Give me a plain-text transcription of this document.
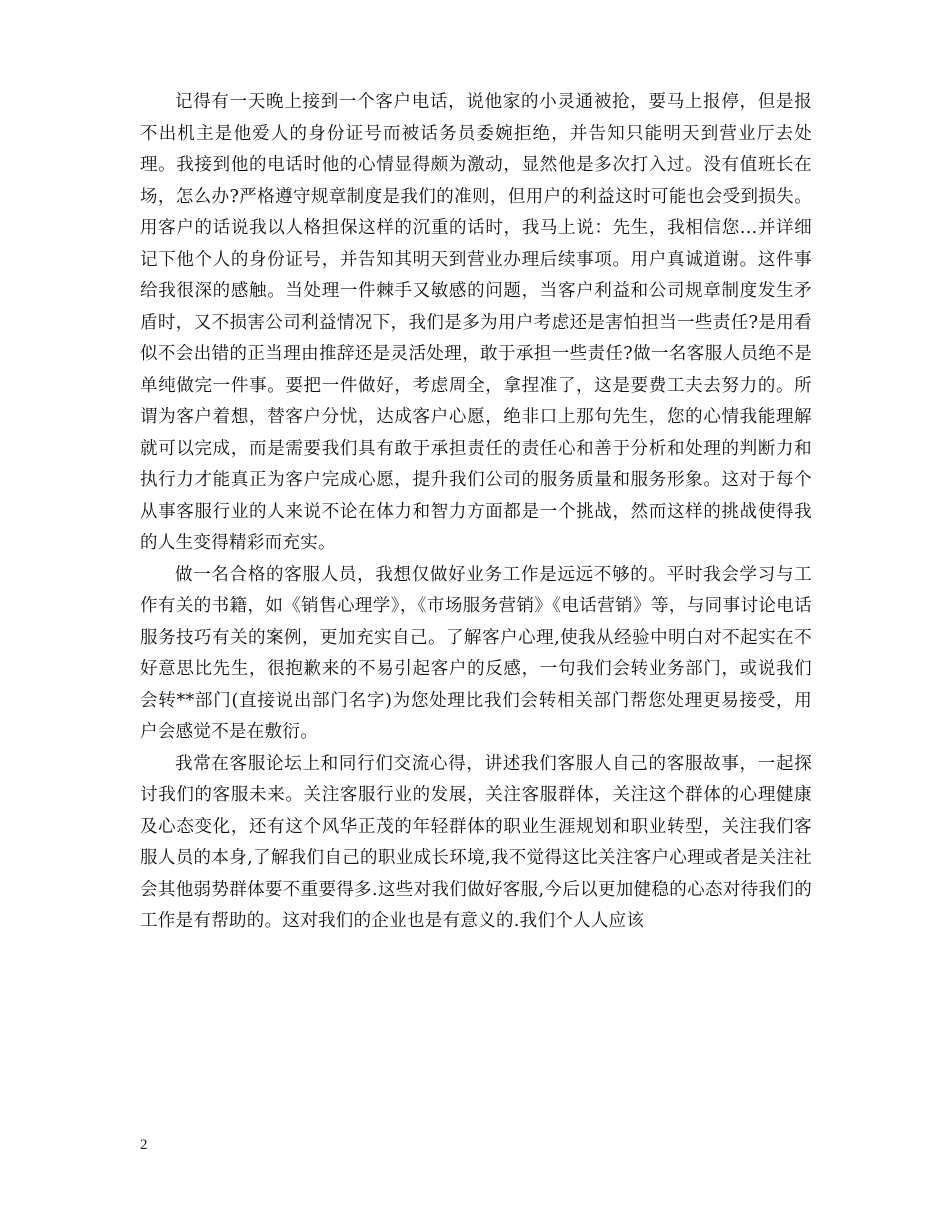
记得有一天晚上接到一个客户电话，说他家的小灵通被抢，要马上报停，但是报不出机主是他爱人的身份证号而被话务员委婉拒绝，并告知只能明天到营业厅去处理。我接到他的电话时他的心情显得颇为激动，显然他是多次打入过。没有值班长在场，怎么办?严格遵守规章制度是我们的准则，但用户的利益这时可能也会受到损失。用客户的话说我以人格担保这样的沉重的话时，我马上说：先生，我相信您...并详细记下他个人的身份证号，并告知其明天到营业办理后续事项。用户真诚道谢。这件事给我很深的感触。当处理一件棘手又敏感的问题，当客户利益和公司规章制度发生矛盾时，又不损害公司利益情况下，我们是多为用户考虑还是害怕担当一些责任?是用看似不会出错的正当理由推辞还是灵活处理，敢于承担一些责任?做一名客服人员绝不是单纯做完一件事。要把一件做好，考虑周全，拿捏准了，这是要费工夫去努力的。所谓为客户着想，替客户分忧，达成客户心愿，绝非口上那句先生，您的心情我能理解就可以完成，而是需要我们具有敢于承担责任的责任心和善于分析和处理的判断力和执行力才能真正为客户完成心愿，提升我们公司的服务质量和服务形象。这对于每个从事客服行业的人来说不论在体力和智力方面都是一个挑战，然而这样的挑战使得我的人生变得精彩而充实。

做一名合格的客服人员，我想仅做好业务工作是远远不够的。平时我会学习与工作有关的书籍，如《销售心理学》，《市场服务营销》《电话营销》等，与同事讨论电话服务技巧有关的案例，更加充实自己。了解客户心理,使我从经验中明白对不起实在不好意思比先生，很抱歉来的不易引起客户的反感，一句我们会转业务部门，或说我们会转**部门(直接说出部门名字)为您处理比我们会转相关部门帮您处理更易接受，用户会感觉不是在敷衍。

我常在客服论坛上和同行们交流心得，讲述我们客服人自己的客服故事，一起探讨我们的客服未来。关注客服行业的发展，关注客服群体，关注这个群体的心理健康及心态变化，还有这个风华正茂的年轻群体的职业生涯规划和职业转型，关注我们客服人员的本身,了解我们自己的职业成长环境,我不觉得这比关注客户心理或者是关注社会其他弱势群体要不重要得多.这些对我们做好客服,今后以更加健稳的心态对待我们的工作是有帮助的。这对我们的企业也是有意义的.我们个人人应该

2
